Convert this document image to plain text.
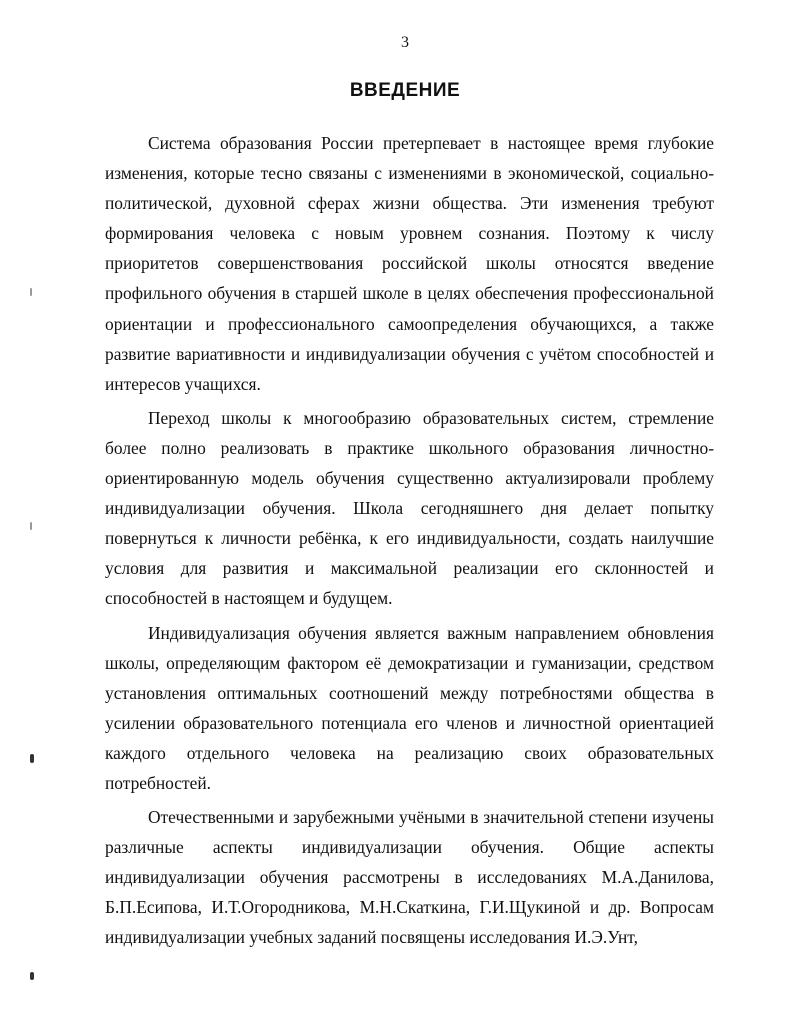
3
ВВЕДЕНИЕ

Система образования России претерпевает в настоящее время глубокие изменения, которые тесно связаны с изменениями в экономической, социально-политической, духовной сферах жизни общества. Эти изменения требуют формирования человека с новым уровнем сознания. Поэтому к числу приоритетов совершенствования российской школы относятся введение профильного обучения в старшей школе в целях обеспечения профессиональной ориентации и профессионального самоопределения обучающихся, а также развитие вариативности и индивидуализации обучения с учётом способностей и интересов учащихся.

Переход школы к многообразию образовательных систем, стремление более полно реализовать в практике школьного образования личностно-ориентированную модель обучения существенно актуализировали проблему индивидуализации обучения. Школа сегодняшнего дня делает попытку повернуться к личности ребёнка, к его индивидуальности, создать наилучшие условия для развития и максимальной реализации его склонностей и способностей в настоящем и будущем.

Индивидуализация обучения является важным направлением обновления школы, определяющим фактором её демократизации и гуманизации, средством установления оптимальных соотношений между потребностями общества в усилении образовательного потенциала его членов и личностной ориентацией каждого отдельного человека на реализацию своих образовательных потребностей.

Отечественными и зарубежными учёными в значительной степени изучены различные аспекты индивидуализации обучения. Общие аспекты индивидуализации обучения рассмотрены в исследованиях М.А.Данилова, Б.П.Есипова, И.Т.Огородникова, М.Н.Скаткина, Г.И.Щукиной и др. Вопросам индивидуализации учебных заданий посвящены исследования И.Э.Унт,
